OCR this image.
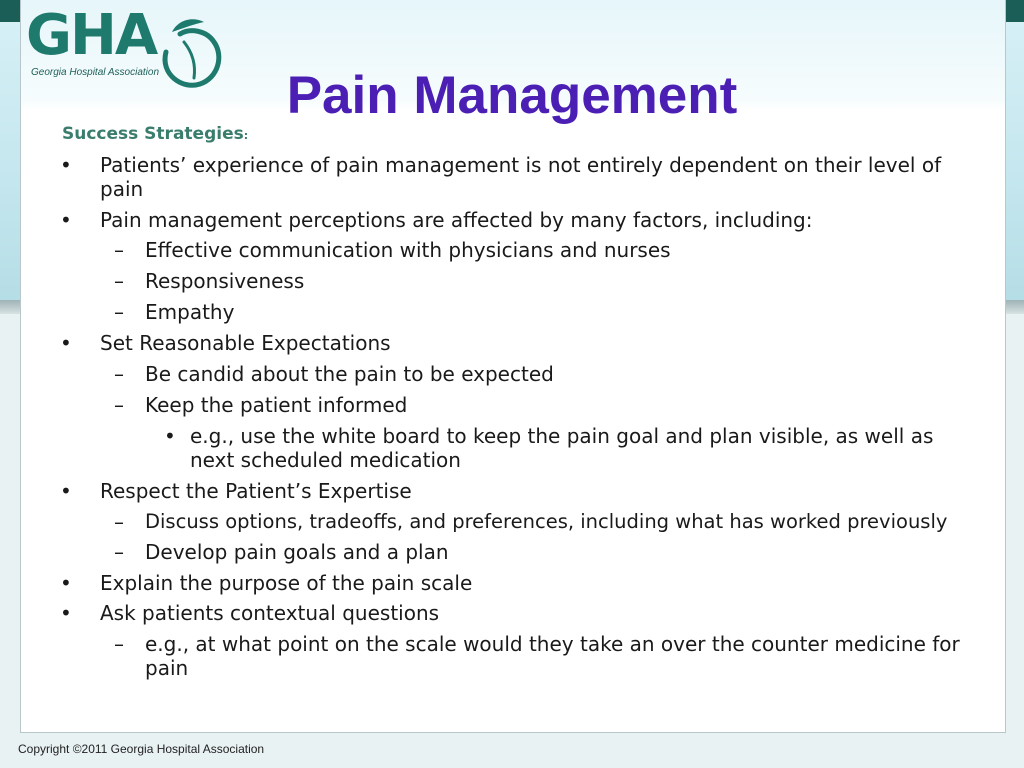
GHA
Georgia Hospital Association	Pain Management
Success Strategies:
• Patients’ experience of pain management is not entirely dependent on their level of
pain
• Pain management perceptions are affected by many factors, including:
– Effective communication with physicians and nurses
– Responsiveness
– Empathy
• Set Reasonable Expectations
– Be candid about the pain to be expected
– Keep the patient informed
• e.g., use the white board to keep the pain goal and plan visible, as well as
next scheduled medication
• Respect the Patient’s Expertise
– Discuss options, tradeoffs, and preferences, including what has worked previously
– Develop pain goals and a plan
• Explain the purpose of the pain scale
• Ask patients contextual questions
– e.g., at what point on the scale would they take an over the counter medicine for
pain
Copyright ©2011 Georgia Hospital Association
